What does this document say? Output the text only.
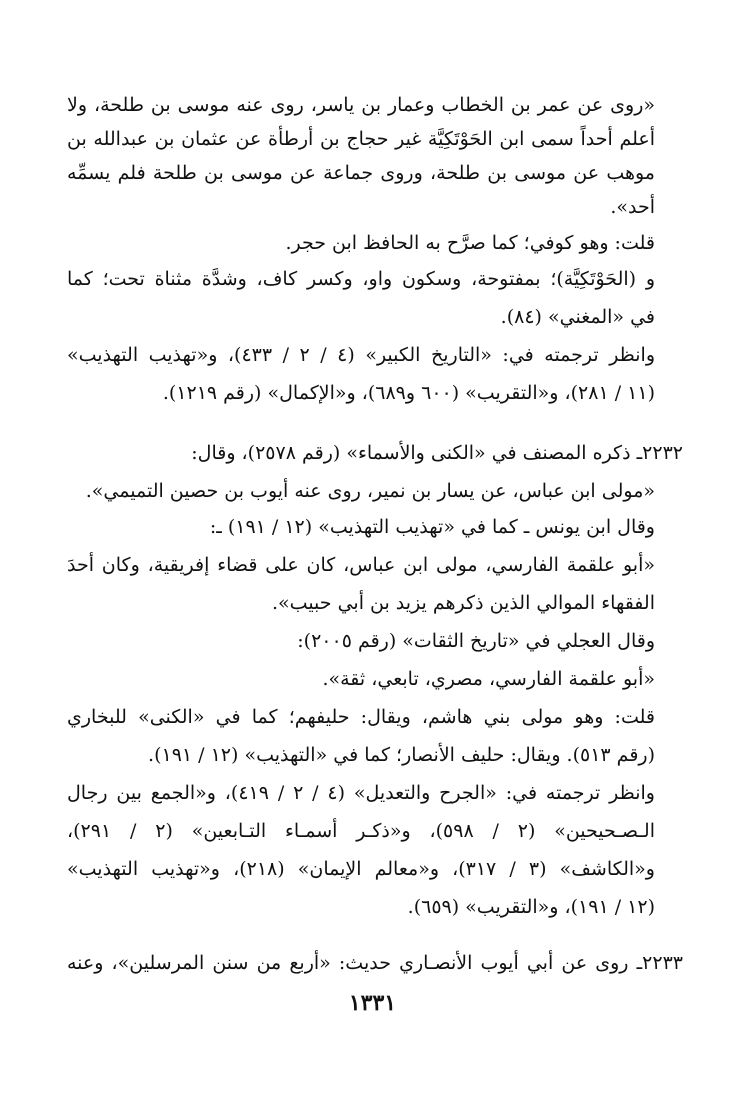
«روى عن عمر بن الخطاب وعمار بن ياسر، روى عنه موسى بن طلحة، ولا
أعلم أحداً سمى ابن الحَوْتَكِيَّة غير حجاج بن أرطأة عن عثمان بن عبدالله بن
موهب عن موسى بن طلحة، وروى جماعة عن موسى بن طلحة فلم يسمِّه
أحد».
قلت: وهو كوفي؛ كما صرَّح به الحافظ ابن حجر.
و (الحَوْتَكِيَّة)؛ بمفتوحة، وسكون واو، وكسر كاف، وشدَّة مثناة تحت؛ كما
في «المغني» (٨٤).
وانظر ترجمته في: «التاريخ الكبير» (٤ / ٢ / ٤٣٣)، و«تهذيب التهذيب»
(١١ / ٢٨١)، و«التقريب» (٦٠٠ و٦٨٩)، و«الإكمال» (رقم ١٢١٩).
٢٢٣٢ـ ذكره المصنف في «الكنى والأسماء» (رقم ٢٥٧٨)، وقال:
«مولى ابن عباس، عن يسار بن نمير، روى عنه أيوب بن حصين التميمي».
وقال ابن يونس ـ كما في «تهذيب التهذيب» (١٢ / ١٩١) ـ:
«أبو علقمة الفارسي، مولى ابن عباس، كان على قضاء إفريقية، وكان أحدَ
الفقهاء الموالي الذين ذكرهم يزيد بن أبي حبيب».
وقال العجلي في «تاريخ الثقات» (رقم ٢٠٠٥):
«أبو علقمة الفارسي، مصري، تابعي، ثقة».
قلت: وهو مولى بني هاشم، ويقال: حليفهم؛ كما في «الكنى» للبخاري
(رقم ٥١٣). ويقال: حليف الأنصار؛ كما في «التهذيب» (١٢ / ١٩١).
وانظر ترجمته في: «الجرح والتعديل» (٤ / ٢ / ٤١٩)، و«الجمع بين رجال
الـصـحيحين» (٢ / ٥٩٨)، و«ذكـر أسمـاء التـابعين» (٢ / ٢٩١)،
و«الكاشف» (٣ / ٣١٧)، و«معالم الإيمان» (٢١٨)، و«تهذيب التهذيب»
(١٢ / ١٩١)، و«التقريب» (٦٥٩).
٢٢٣٣ـ روى عن أبي أيوب الأنصـاري حديث: «أربع من سنن المرسلين»، وعنه
١٣٣١
